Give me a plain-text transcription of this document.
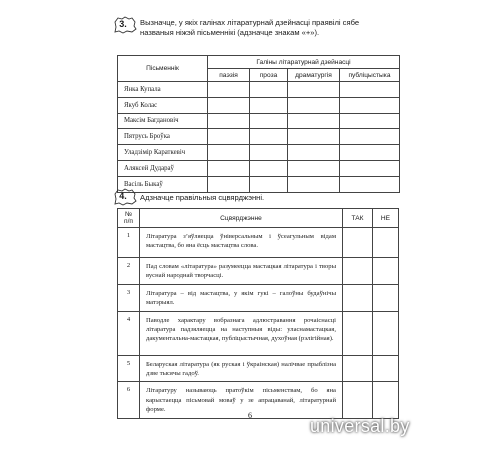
3.	Вызначце, у якіх галінах літаратурнай дзейнасці праявілі сябе названыя ніжэй пісьменнікі (адзначце знакам «+»).
Пісьменнік	Галіны літаратурнай дзейнасці			
	паэзія	проза	драматургія	публіцыстыка
Янка Купала				
Якуб Колас				
Максім Багдановіч				
Пятрусь Броўка				
Уладзімір Караткевіч				
Аляксей Дудараў				
Васіль Быкаў				
4.	Адзначце правільныя сцвярджэнні.
№
п/п	Сцвярджэнне	ТАК	НЕ
1	Літаратура з’яўляецца ўніверсальным і ўсеагульным відам мастацтва, бо яна ёсць мастацтва слова.		
2	Пад словам «літаратура» разумеецца мастацкая літаратура і творы вуснай народнай творчасці.		
3	Літаратура – від мастацтва, у якім гукі – галоўны будаўнічы матэрыял.		
4	Паводле характару вобразнага адлюстравання рочаіснасці літаратура падзяляецца на наступныя віды: уласнамастацкая, дакументальна-мастацкая, публіцыстычная, духоўная (рэлігійная).		
5	Беларуская літаратура (як руская і ўкраінская) налічвае прыблізна дзве тысячы гадоў.		
6	Літаратуру называюць пратоўкім пісьменствам, бо яна карыстаецца пісьмовай моваў у зе апрацаванай, літаратурнай форме.		
6
universal.by
